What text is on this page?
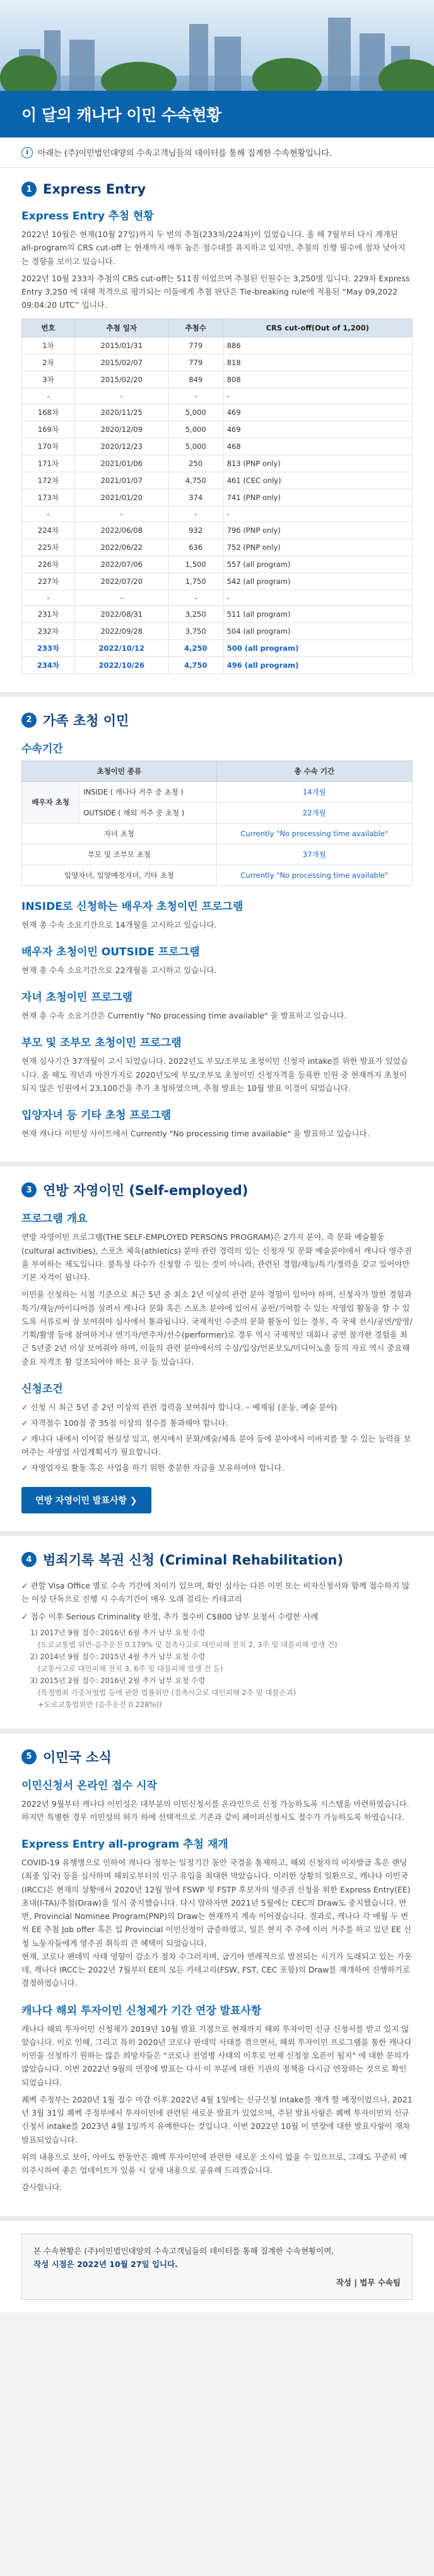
이 달의 캐나다 이민 수속현황
i	아래는 (주)이민법인대양의 수속고객님들의 데이터를 통해 집계한 수속현황입니다.
1 Express Entry
Express Entry 추첨 현황

2022년 10월은 현재(10월 27일)까지 두 번의 추첨(233차/224차)이 있었습니다. 올 해 7월부터 다시 재개된 all-program의 CRS cut-off 는 현재까지 매우 높은 점수대를 유지하고 있지만, 추첨의 진행 필수에 점차 낮아지는 경향을 보이고 있습니다.

2022년 10월 233차 추첨의 CRS cut-off는 511점 이었으며 추첨된 인원수는 3,250명 입니다. 229차 Express Entry 3,250 에 대해 적격으로 평가되는 이들에게 추첨 판단은 Tie-breaking rule에 적용된 “May 09,2022 09:04:20 UTC” 입니다.

번호	추첨 일자	추첨수	CRS cut-off(Out of 1,200)
1차	2015/01/31	779	886
2차	2015/02/07	779	818
3차	2015/02/20	849	808
-	-	-	-
168차	2020/11/25	5,000	469
169차	2020/12/09	5,000	469
170차	2020/12/23	5,000	468
171차	2021/01/06	250	813 (PNP only)
172차	2021/01/07	4,750	461 (CEC only)
173차	2021/01/20	374	741 (PNP only)
-	-	-	-
224차	2022/06/08	932	796 (PNP only)
225차	2022/06/22	636	752 (PNP only)
226차	2022/07/06	1,500	557 (all program)
227차	2022/07/20	1,750	542 (all program)
-	-	-	-
231차	2022/08/31	3,250	511 (all program)
232차	2022/09/28	3,750	504 (all program)
233차	2022/10/12	4,250	500 (all program)
234차	2022/10/26	4,750	496 (all program)
2 가족 초청 이민
수속기간
초청이민 종류		총 수속 기간
배우자 초청	INSIDE ( 캐나다 거주 중 초청 )	14개월
	OUTSIDE ( 해외 거주 중 초청 )	22개월
자녀 초청		Currently "No processing time available"
부모 및 조부모 초청		37개월
입양자녀, 입양예정자녀, 기타 초청		Currently "No processing time available"
INSIDE로 신청하는 배우자 초청이민 프로그램

현재 총 수속 소요기간으로 14개월을 고시하고 있습니다.

배우자 초청이민 OUTSIDE 프로그램

현재 총 수속 소요기간으로 22개월을 고시하고 있습니다.

자녀 초청이민 프로그램

현재 총 수속 소요기간은 Currently "No processing time available" 을 발표하고 있습니다.

부모 및 조부모 초청이민 프로그램

현재 심사기간 37개월이 고시 되었습니다. 2022년도 부모/조부모 초청이민 신청자 intake를 위한 발표가 있었습니다. 올 해도 작년과 마찬가지로 2020년도에 부모/조부모 초청이민 신청자격을 등록한 인원 중 현재까지 초청이 되지 않은 인원에서 23,100건을 추가 초청하였으며, 추첨 발표는 10월 발표 이경이 되었습니다.

입양자녀 등 기타 초청 프로그램

현재 캐나다 이민성 사이트에서 Currently "No processing time available" 을 발표하고 있습니다.

3 연방 자영이민 (Self-employed)
프로그램 개요

연방 자영이민 프로그램(THE SELF-EMPLOYED PERSONS PROGRAM)은 2가지 분야, 즉 문화 예술활동(cultural activities), 스포츠 체육(athletics) 분야 관련 경력의 있는 신청자 및 문화 예술분야에서 캐나다 영주권을 부여하는 제도입니다. 불특정 다수가 신청할 수 있는 것이 아니라, 관련된 경험/재능/특기/경력을 갖고 있어야만 기본 자격이 됩니다.

이민을 신청하는 시점 기준으로 최근 5년 중 최소 2년 이상의 관련 분야 경험이 있어야 하며, 신청자가 말한 경험과 특기/재능/아이디어를 살려서 캐나다 문화 혹은 스포츠 분야에 있어서 공헌/기여할 수 있는 자영업 활동을 할 수 있도록 서류로써 잘 보여줘야 심사에서 통과됩니다. 국제적인 수준의 문화 활동이 있는 경우, 즉 국제 전시/공연/방영/기획/활영 등에 참여하거나 연기자/연주자/선수(performer)로 경우 역시 국제적인 대회나 공연 참가한 경험을 최근 5년중 2년 이상 보여줘야 하며, 이들의 관련 분야에서의 수상/입상/언론보도/미디어노출 등의 자료 역시 중요해 중요 자격조 활 강조되어야 하는 요구 등 있습니다.

신청조건
✓ 신청 시 최근 5년 중 2년 이상의 관련 경력을 보여줘야 합니다. – 예제됨 (운동, 예술 분야)
✓ 자격점수 100점 중 35점 이상의 점수를 통과해야 합니다.
✓ 캐나다 내에서 이어갈 현실성 있고, 현지에서 문화/예술/체육 분야 등에 분야에서 이바지를 할 수 있는 능력을 보여주는 자영업 사업계획서가 필요합니다.
✓ 자영업자로 활동 혹은 사업을 하기 위한 충분한 자금을 보유하여야 합니다.
연방 자영이민 발표사항 ❯
4 범죄기록 복권 신청 (Criminal Rehabilitation)

✓ 관할 Visa Office 별로 수속 기간에 차이가 있으며, 확인 심사는 다른 이민 또는 비자신청서와 함께 접수하지 않는 이상 단독으로 진행 시 수속기간이 매우 오래 걸리는 카테고리

✓ 접수 이후 Serious Criminality 판정, 추가 접수비 C$800 납부 요청서 수령한 사례

1) 2017년 9월 접수: 2016년 6월 추가 납부 요청 수령
(도로교통법 위반-음주운전 0.179% 및 접촉사고로 대인피해 전치 2, 3주 및 대물피해 발생 건)
2) 2014년 9월 접수: 2015년 4월 추가 납부 요청 수령
(교통사고로 대인피해 전치 3, 6주 및 대물피해 발생 건 등)
3) 2015년 2월 접수: 2016년 2월 추가 납부 요청 수령
(특정범죄 가중처벌법 등에 관한 법률위반 (접촉사고로 대인피해 2주 및 대물손괴)
+도로교통법위반 (음주운전 0.228%))
5 이민국 소식
이민신청서 온라인 접수 시작

2022년 9월부터 캐나다 이민성은 대부분의 이민신청서를 온라인으로 신청 가능하도록 시스템을 마련하였습니다. 하지만 특별한 경우 이민성의 허가 하에 선택적으로 기존과 같이 페이퍼신청서도 접수가 가능하도록 하였습니다.

Express Entry all-program 추첨 재개

COVID-19 유행병으로 인하여 캐나다 정부는 일정기간 동안 국경을 통제하고, 해외 신청자의 비자발급 혹은 랜딩(최종 입국) 등을 심사하며 해외로부터의 인구 유입을 최대한 막았습니다. 이러한 상황의 일환으로, 캐나다 이민국(IRCC)은 현재의 상황에서 2020년 12월 말에 FSWP 및 FSTP 후보자의 영주권 신청을 위한 Express Entry(EE) 초대(I-TA)/추첨(Draw)을 일시 중지했습니다. 다시 말하자면 2021년 5월에는 CEC의 Draw도 중지했습니다. 반면, Provincial Nominee Program(PNP)의 Draw는 현재까지 계속 이어졌습니다. 결과로, 캐나다 각 매월 두 번씩 EE 추첨 Job offer 혹은 입 Provincial 이민신청이 급증하였고, 일은 현지 주 주에 이러 거주를 하고 있던 EE 신청 노동자들에게 영주권 취득의 큰 혜택이 되었습니다.
현재, 코로나 팬데믹 사태 영향이 감소가 점차 수그러지며, 급기야 연례적으로 발전되는 시기가 도래되고 있는 가운데, 캐나다 IRCC는 2022년 7월부터 EE의 모든 카테고리(FSW, FST, CEC 포함)의 Draw를 재개하여 진행하기로 결정하였습니다.

캐나다 해외 투자이민 신청제가 기간 연장 발표사항

캐나다 해외 투자이민 신청제가 2019년 10월 발표 기점으로 현재까지 해외 투자이민 신규 신청서를 받고 있지 않았습니다. 이로 인해, 그리고 특히 2020년 코로나 판데믹 사태를 겪으면서, 해외 투자이민 프로그램을 통한 캐나다 이민을 신청하기 원하는 많은 희망자들은 "코로나 전염병 사태의 이후로 언제 신청창 오픈이 될지" 에 대한 문의가 많았습니다. 이번 2022년 9월의 연장에 발표는 다시 이 부분에 대한 기관의 정책을 다시금 연장하는 것으로 확인되었습니다.

퀘벡 주정부는 2020년 1월 접수 마감 이후 2022년 4월 1일에는 신규신청 intake를 재개 할 예정이었으나, 2021년 3월 31일 퀘벡 주정부에서 투자이민에 관련된 새로운 발표가 있었으며, 주된 발표사항은 퀘벡 투자이민의 신규 신청서 intake를 2023년 4월 1일까지 유예한다는 것입니다. 이번 2022년 10월 이 연장에 대한 발표사항이 재차 발표되었습니다.

위의 내용으로 보아, 아마도 한동안은 퀘벡 투자이민에 관련한 새로운 소식이 없을 수 있으므로, 그래도 꾸준히 예의주시하여 좋은 업데이트가 있을 시 상세 내용으로 공유해 드리겠습니다.

감사합니다.

본 수속현황은 (주)이민법인대양의 수속고객님들의 데이터를 통해 집계한 수속현황이며,
작성 시점은 2022년 10월 27일 입니다.
작성 | 법무 수속팀
